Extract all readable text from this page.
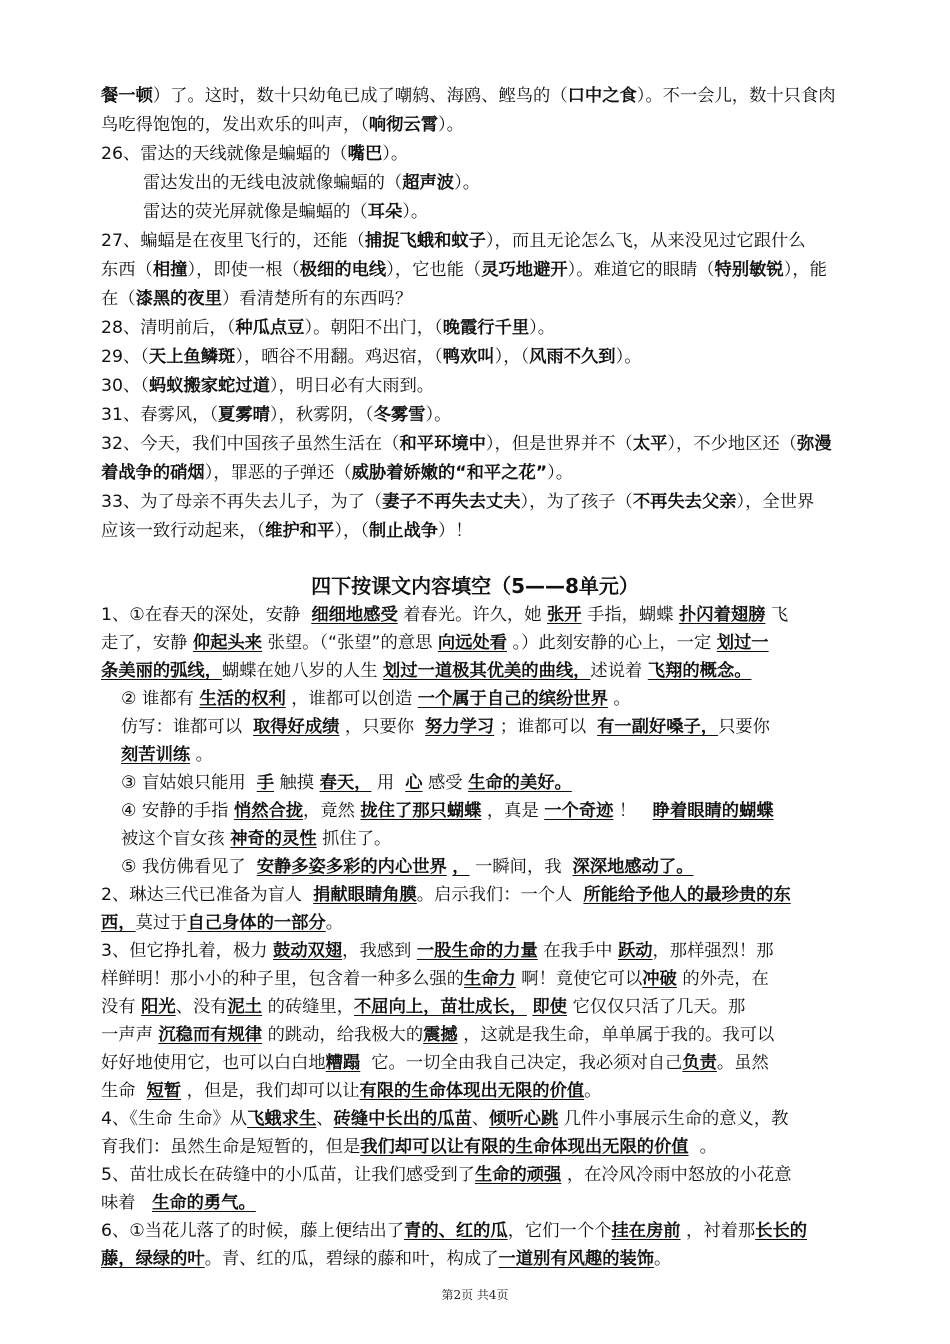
餐一顿）了。这时，数十只幼龟已成了嘲鸫、海鸥、鲣鸟的（口中之食）。不一会儿，数十只食肉
鸟吃得饱饱的，发出欢乐的叫声，（响彻云霄）。
26、雷达的天线就像是蝙蝠的（嘴巴）。
雷达发出的无线电波就像蝙蝠的（超声波）。
雷达的荧光屏就像是蝙蝠的（耳朵）。
27、蝙蝠是在夜里飞行的，还能（捕捉飞蛾和蚊子），而且无论怎么飞，从来没见过它跟什么
东西（相撞），即使一根（极细的电线），它也能（灵巧地避开）。难道它的眼睛（特别敏锐），能
在（漆黑的夜里）看清楚所有的东西吗？
28、清明前后，（种瓜点豆）。朝阳不出门，（晚霞行千里）。
29、（天上鱼鳞斑），晒谷不用翻。鸡迟宿，（鸭欢叫），（风雨不久到）。
30、（蚂蚁搬家蛇过道），明日必有大雨到。
31、春雾风，（夏雾晴），秋雾阴，（冬雾雪）。
32、今天，我们中国孩子虽然生活在（和平环境中），但是世界并不（太平），不少地区还（弥漫
着战争的硝烟），罪恶的子弹还（威胁着娇嫩的“和平之花”）。
33、为了母亲不再失去儿子，为了（妻子不再失去丈夫），为了孩子（不再失去父亲），全世界
应该一致行动起来，（维护和平），（制止战争）！
四下按课文内容填空（5——8单元）
1、①在春天的深处，安静 细细地感受 着春光。许久，她 张开 手指，蝴蝶 扑闪着翅膀 飞
走了，安静 仰起头来 张望。（“张望”的意思 向远处看 。）此刻安静的心上，一定 划过一
条美丽的弧线，蝴蝶在她八岁的人生 划过一道极其优美的曲线，述说着 飞翔的概念。
② 谁都有 生活的权利 ，谁都可以创造 一个属于自己的缤纷世界 。
仿写：谁都可以 取得好成绩 ，只要你 努力学习 ；谁都可以 有一副好嗓子，只要你
刻苦训练 。
③ 盲姑娘只能用 手 触摸 春天， 用 心 感受 生命的美好。
④ 安静的手指 悄然合拢，竟然 拢住了那只蝴蝶 ，真是 一个奇迹 ！ 睁着眼睛的蝴蝶
被这个盲女孩 神奇的灵性 抓住了。
⑤ 我仿佛看见了 安静多姿多彩的内心世界 ， 一瞬间，我 深深地感动了。
2、琳达三代已准备为盲人 捐献眼睛角膜。启示我们：一个人 所能给予他人的最珍贵的东
西，莫过于自己身体的一部分。
3、但它挣扎着，极力 鼓动双翅，我感到 一股生命的力量 在我手中 跃动，那样强烈！那
样鲜明！那小小的种子里，包含着一种多么强的生命力 啊！竟使它可以冲破 的外壳，在
没有 阳光、没有泥土 的砖缝里，不屈向上，苗壮成长， 即使 它仅仅只活了几天。那
一声声 沉稳而有规律 的跳动，给我极大的震撼 ，这就是我生命，单单属于我的。我可以
好好地使用它，也可以白白地糟蹋 它。一切全由我自己决定，我必须对自己负责。虽然
生命 短暂 ，但是，我们却可以让有限的生命体现出无限的价值。
4、《生命 生命》从飞蛾求生、砖缝中长出的瓜苗、倾听心跳 几件小事展示生命的意义，教
育我们：虽然生命是短暂的，但是我们却可以让有限的生命体现出无限的价值 。
5、苗壮成长在砖缝中的小瓜苗，让我们感受到了生命的顽强 ，在冷风冷雨中怒放的小花意
味着 生命的勇气。
6、①当花儿落了的时候，藤上便结出了青的、红的瓜，它们一个个挂在房前 ，衬着那长长的
第2页 共4页
藤，绿绿的叶。青、红的瓜，碧绿的藤和叶，构成了一道别有风趣的装饰。
